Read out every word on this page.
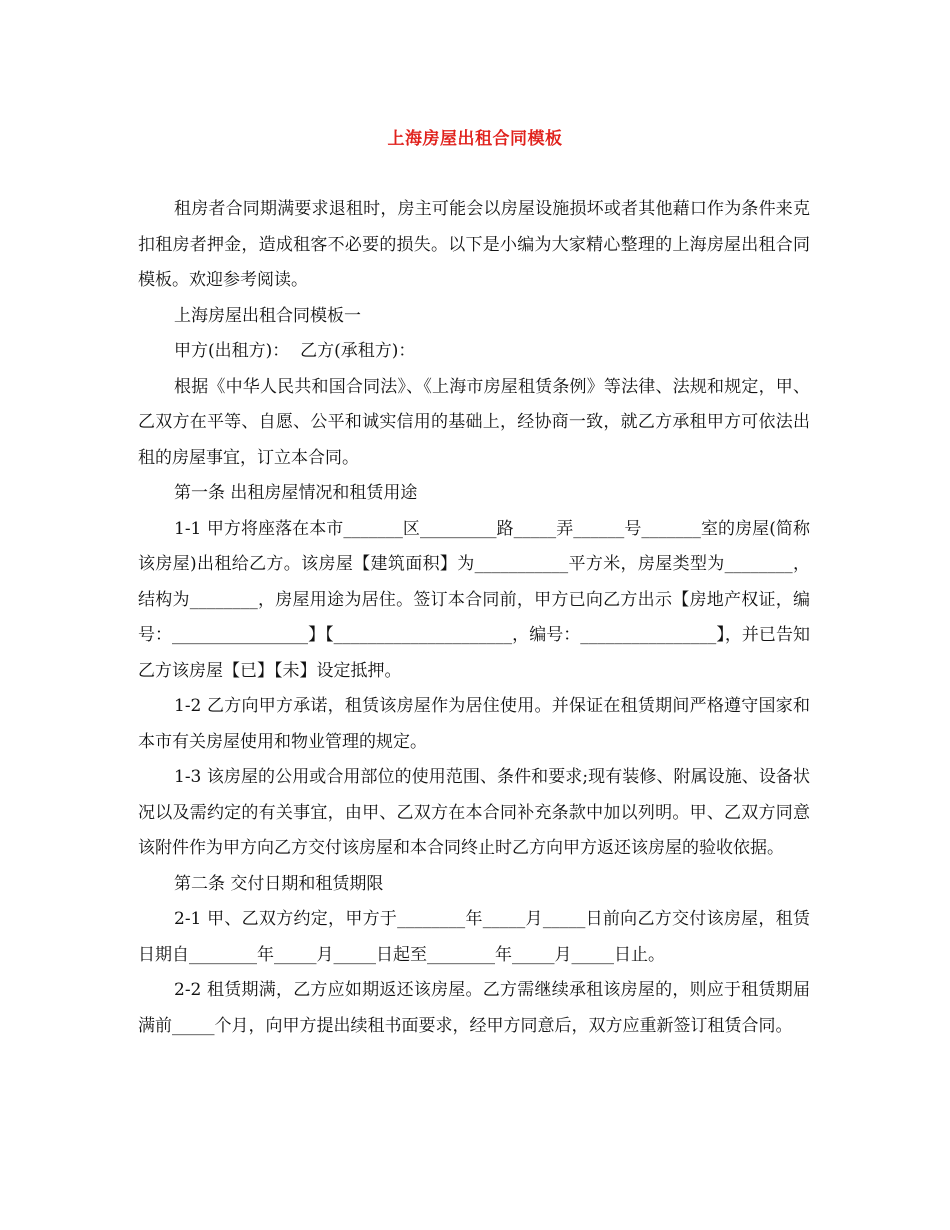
上海房屋出租合同模板

租房者合同期满要求退租时，房主可能会以房屋设施损坏或者其他藉口作为条件来克扣租房者押金，造成租客不必要的损失。以下是小编为大家精心整理的上海房屋出租合同模板。欢迎参考阅读。

上海房屋出租合同模板一

甲方(出租方)：  乙方(承租方)：

根据《中华人民共和国合同法》、《上海市房屋租赁条例》等法律、法规和规定，甲、乙双方在平等、自愿、公平和诚实信用的基础上，经协商一致，就乙方承租甲方可依法出租的房屋事宜，订立本合同。

第一条 出租房屋情况和租赁用途

1-1 甲方将座落在本市_______区_________路_____弄______号_______室的房屋(简称该房屋)出租给乙方。该房屋【建筑面积】为___________平方米，房屋类型为________，结构为________，房屋用途为居住。签订本合同前，甲方已向乙方出示【房地产权证，编号：________________】【_____________________，编号：________________】，并已告知乙方该房屋【已】【未】设定抵押。

1-2 乙方向甲方承诺，租赁该房屋作为居住使用。并保证在租赁期间严格遵守国家和本市有关房屋使用和物业管理的规定。

1-3 该房屋的公用或合用部位的使用范围、条件和要求;现有装修、附属设施、设备状况以及需约定的有关事宜，由甲、乙双方在本合同补充条款中加以列明。甲、乙双方同意该附件作为甲方向乙方交付该房屋和本合同终止时乙方向甲方返还该房屋的验收依据。

第二条 交付日期和租赁期限

2-1 甲、乙双方约定，甲方于________年_____月_____日前向乙方交付该房屋，租赁日期自________年_____月_____日起至________年_____月_____日止。

2-2 租赁期满，乙方应如期返还该房屋。乙方需继续承租该房屋的，则应于租赁期届满前_____个月，向甲方提出续租书面要求，经甲方同意后，双方应重新签订租赁合同。
